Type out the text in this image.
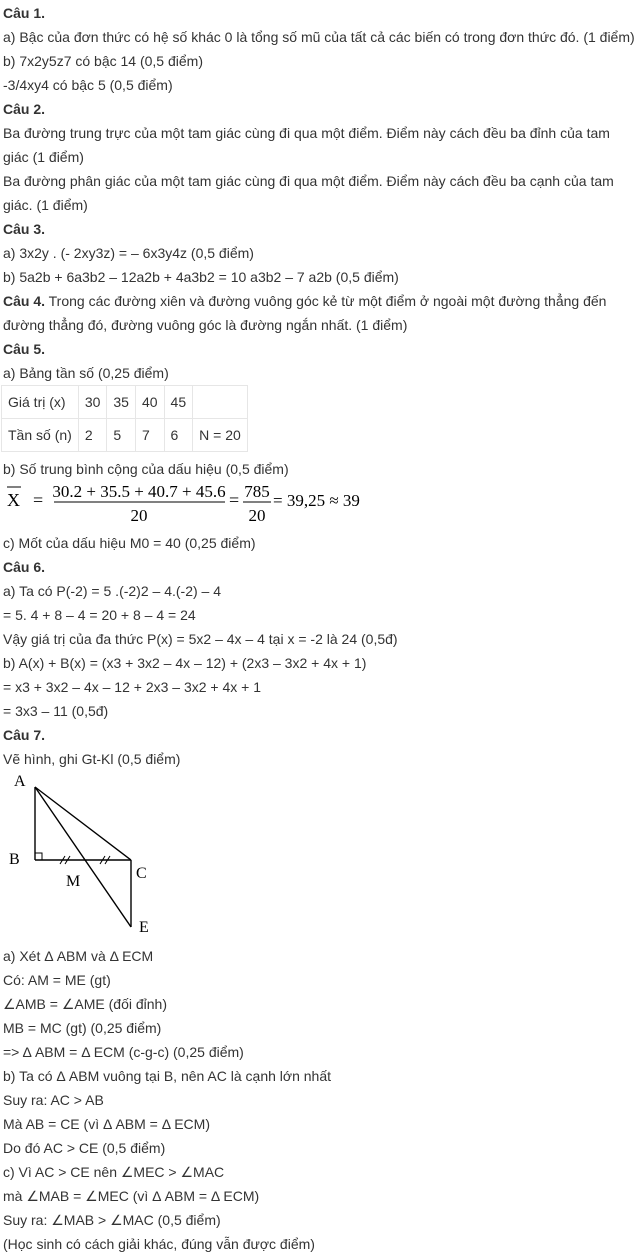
Câu 1.
a) Bậc của đơn thức có hệ số khác 0 là tổng số mũ của tất cả các biến có trong đơn thức đó. (1 điểm)
b) 7x2y5z7 có bậc 14 (0,5 điểm)
-3/4xy4 có bậc 5 (0,5 điểm)
Câu 2.
Ba đường trung trực của một tam giác cùng đi qua một điểm. Điểm này cách đều ba đỉnh của tam
giác (1 điểm)
Ba đường phân giác của một tam giác cùng đi qua một điểm. Điểm này cách đều ba cạnh của tam
giác. (1 điểm)
Câu 3.
a) 3x2y . (- 2xy3z) = – 6x3y4z (0,5 điểm)
b) 5a2b + 6a3b2 – 12a2b + 4a3b2 = 10 a3b2 – 7 a2b (0,5 điểm)
Câu 4. Trong các đường xiên và đường vuông góc kẻ từ một điểm ở ngoài một đường thẳng đến
đường thẳng đó, đường vuông góc là đường ngắn nhất. (1 điểm)
Câu 5.
a) Bảng tần số (0,25 điểm)
Giá trị (x)	30	35	40	45	
Tần số (n)	2	5	7	6	N = 20
b) Số trung bình cộng của dấu hiệu (0,5 điểm)
X = 30.2 + 35.5 + 40.7 + 45.6
20
= 785
20
= 39,25 ≈ 39
c) Mốt của dấu hiệu M0 = 40 (0,25 điểm)
Câu 6.
a) Ta có P(-2) = 5 .(-2)2 – 4.(-2) – 4
= 5. 4 + 8 – 4 = 20 + 8 – 4 = 24
Vậy giá trị của đa thức P(x) = 5x2 – 4x – 4 tại x = -2 là 24 (0,5đ)
b) A(x) + B(x) = (x3 + 3x2 – 4x – 12) + (2x3 – 3x2 + 4x + 1)
= x3 + 3x2 – 4x – 12 + 2x3 – 3x2 + 4x + 1
= 3x3 – 11 (0,5đ)
Câu 7.
Vẽ hình, ghi Gt-Kl (0,5 điểm)
A
B
M	C
E
a) Xét Δ ABM và Δ ECM
Có: AM = ME (gt)
∠AMB = ∠AME (đối đỉnh)
MB = MC (gt) (0,25 điểm)
=> Δ ABM = Δ ECM (c-g-c) (0,25 điểm)
b) Ta có Δ ABM vuông tại B, nên AC là cạnh lớn nhất
Suy ra: AC > AB
Mà AB = CE (vì Δ ABM = Δ ECM)
Do đó AC > CE (0,5 điểm)
c) Vì AC > CE nên ∠MEC > ∠MAC
mà ∠MAB = ∠MEC (vì Δ ABM = Δ ECM)
Suy ra: ∠MAB > ∠MAC (0,5 điểm)
(Học sinh có cách giải khác, đúng vẫn được điểm)
